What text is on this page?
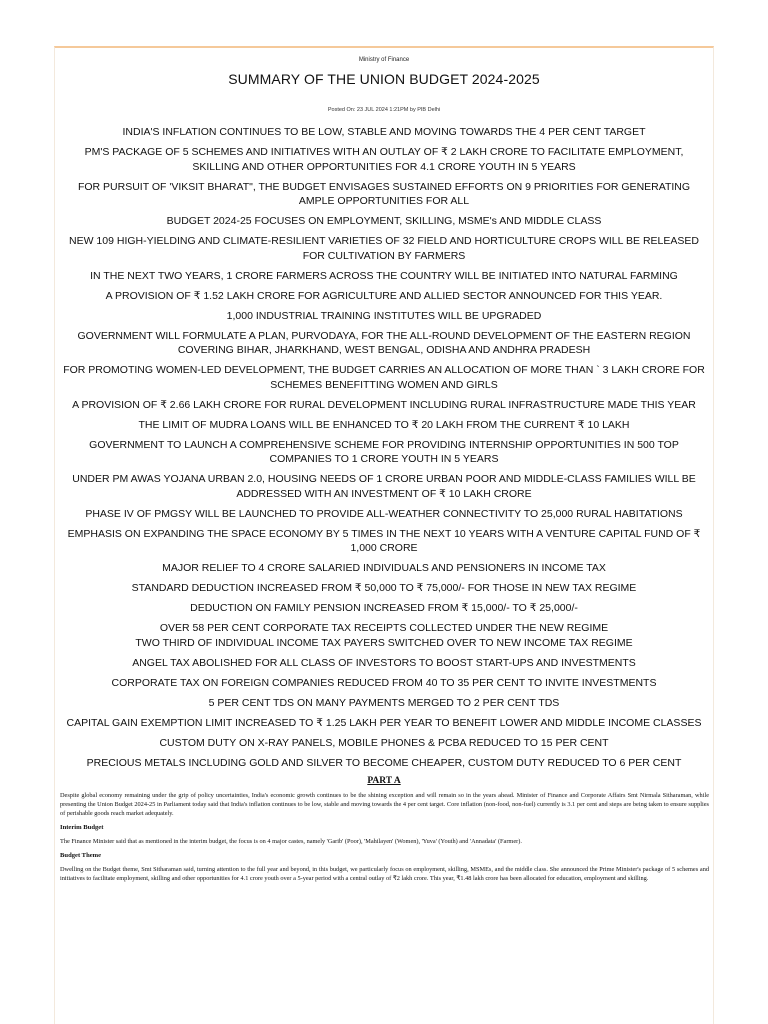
Ministry of Finance
SUMMARY OF THE UNION BUDGET 2024-2025
Posted On: 23 JUL 2024 1:21PM by PIB Delhi
INDIA'S INFLATION CONTINUES TO BE LOW, STABLE AND MOVING TOWARDS THE 4 PER CENT TARGET
PM'S PACKAGE OF 5 SCHEMES AND INITIATIVES WITH AN OUTLAY OF ₹ 2 LAKH CRORE TO FACILITATE EMPLOYMENT, SKILLING AND OTHER OPPORTUNITIES FOR 4.1 CRORE YOUTH IN 5 YEARS
FOR PURSUIT OF 'VIKSIT BHARAT", THE BUDGET ENVISAGES SUSTAINED EFFORTS ON 9 PRIORITIES FOR GENERATING AMPLE OPPORTUNITIES FOR ALL
BUDGET 2024-25 FOCUSES ON EMPLOYMENT, SKILLING, MSME's AND MIDDLE CLASS
NEW 109 HIGH-YIELDING AND CLIMATE-RESILIENT VARIETIES OF 32 FIELD AND HORTICULTURE CROPS WILL BE RELEASED FOR CULTIVATION BY FARMERS
IN THE NEXT TWO YEARS, 1 CRORE FARMERS ACROSS THE COUNTRY WILL BE INITIATED INTO NATURAL FARMING
A PROVISION OF ₹ 1.52 LAKH CRORE FOR AGRICULTURE AND ALLIED SECTOR ANNOUNCED FOR THIS YEAR.
1,000 INDUSTRIAL TRAINING INSTITUTES WILL BE UPGRADED
GOVERNMENT WILL FORMULATE A PLAN, PURVODAYA, FOR THE ALL-ROUND DEVELOPMENT OF THE EASTERN REGION COVERING BIHAR, JHARKHAND, WEST BENGAL, ODISHA AND ANDHRA PRADESH
FOR PROMOTING WOMEN-LED DEVELOPMENT, THE BUDGET CARRIES AN ALLOCATION OF MORE THAN ` 3 LAKH CRORE FOR SCHEMES BENEFITTING WOMEN AND GIRLS
A PROVISION OF ₹ 2.66 LAKH CRORE FOR RURAL DEVELOPMENT INCLUDING RURAL INFRASTRUCTURE MADE THIS YEAR
THE LIMIT OF MUDRA LOANS WILL BE ENHANCED TO ₹ 20 LAKH FROM THE CURRENT ₹ 10 LAKH
GOVERNMENT TO LAUNCH A COMPREHENSIVE SCHEME FOR PROVIDING INTERNSHIP OPPORTUNITIES IN 500 TOP COMPANIES TO 1 CRORE YOUTH IN 5 YEARS
UNDER PM AWAS YOJANA URBAN 2.0, HOUSING NEEDS OF 1 CRORE URBAN POOR AND MIDDLE-CLASS FAMILIES WILL BE ADDRESSED WITH AN INVESTMENT OF ₹ 10 LAKH CRORE
PHASE IV OF PMGSY WILL BE LAUNCHED TO PROVIDE ALL-WEATHER CONNECTIVITY TO 25,000 RURAL HABITATIONS
EMPHASIS ON EXPANDING THE SPACE ECONOMY BY 5 TIMES IN THE NEXT 10 YEARS WITH A VENTURE CAPITAL FUND OF ₹ 1,000 CRORE
MAJOR RELIEF TO 4 CRORE SALARIED INDIVIDUALS AND PENSIONERS IN INCOME TAX
STANDARD DEDUCTION INCREASED FROM ₹ 50,000 TO ₹ 75,000/- FOR THOSE IN NEW TAX REGIME
DEDUCTION ON FAMILY PENSION INCREASED FROM ₹ 15,000/- TO ₹ 25,000/-
OVER 58 PER CENT CORPORATE TAX RECEIPTS COLLECTED UNDER THE NEW REGIME
TWO THIRD OF INDIVIDUAL INCOME TAX PAYERS SWITCHED OVER TO NEW INCOME TAX REGIME
ANGEL TAX ABOLISHED FOR ALL CLASS OF INVESTORS TO BOOST START-UPS AND INVESTMENTS
CORPORATE TAX ON FOREIGN COMPANIES REDUCED FROM 40 TO 35 PER CENT TO INVITE INVESTMENTS
5 PER CENT TDS ON MANY PAYMENTS MERGED TO 2 PER CENT TDS
CAPITAL GAIN EXEMPTION LIMIT INCREASED TO ₹ 1.25 LAKH PER YEAR TO BENEFIT LOWER AND MIDDLE INCOME CLASSES
CUSTOM DUTY ON X-RAY PANELS, MOBILE PHONES & PCBA REDUCED TO 15 PER CENT
PRECIOUS METALS INCLUDING GOLD AND SILVER TO BECOME CHEAPER, CUSTOM DUTY REDUCED TO 6 PER CENT
PART A

Despite global economy remaining under the grip of policy uncertainties, India's economic growth continues to be the shining exception and will remain so in the years ahead. Minister of Finance and Corporate Affairs Smt Nirmala Sitharaman, while presenting the Union Budget 2024-25 in Parliament today said that India's inflation continues to be low, stable and moving towards the 4 per cent target. Core inflation (non-food, non-fuel) currently is 3.1 per cent and steps are being taken to ensure supplies of perishable goods reach market adequately.

Interim Budget

The Finance Minister said that as mentioned in the interim budget, the focus is on 4 major castes, namely 'Garib' (Poor), 'Mahilayen' (Women), 'Yuva' (Youth) and 'Annadata' (Farmer).

Budget Theme

Dwelling on the Budget theme, Smt Sitharaman said, turning attention to the full year and beyond, in this budget, we particularly focus on employment, skilling, MSMEs, and the middle class. She announced the Prime Minister's package of 5 schemes and initiatives to facilitate employment, skilling and other opportunities for 4.1 crore youth over a 5-year period with a central outlay of ₹2 lakh crore. This year, ₹1.48 lakh crore has been allocated for education, employment and skilling.
